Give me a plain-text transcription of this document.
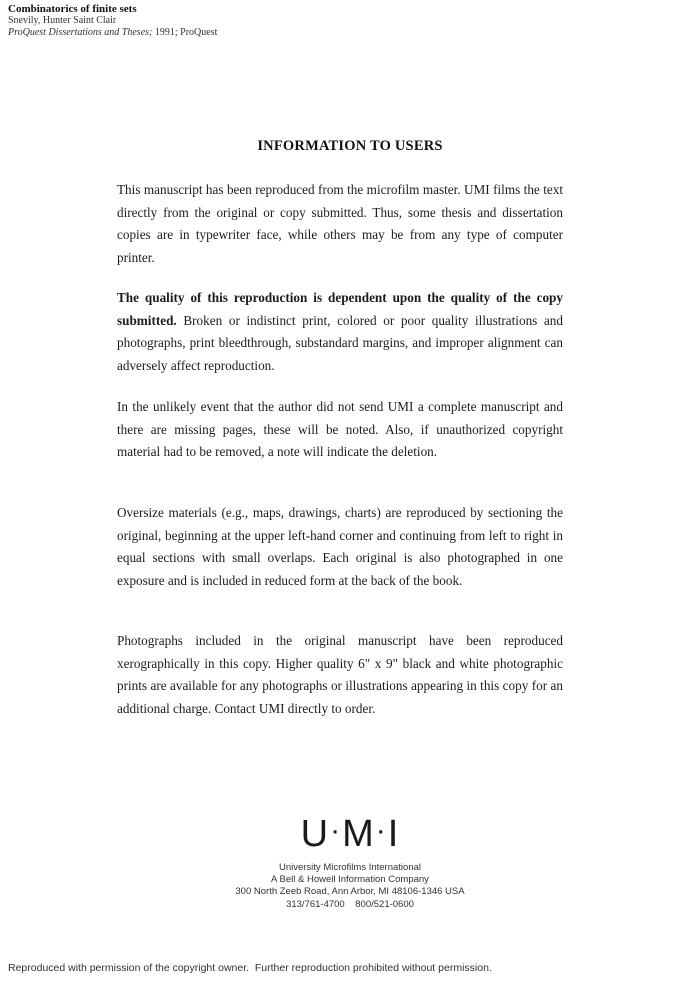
Combinatorics of finite sets
Snevily, Hunter Saint Clair
ProQuest Dissertations and Theses; 1991; ProQuest
INFORMATION TO USERS

This manuscript has been reproduced from the microfilm master. UMI films the text directly from the original or copy submitted. Thus, some thesis and dissertation copies are in typewriter face, while others may be from any type of computer printer.

The quality of this reproduction is dependent upon the quality of the copy submitted. Broken or indistinct print, colored or poor quality illustrations and photographs, print bleedthrough, substandard margins, and improper alignment can adversely affect reproduction.

In the unlikely event that the author did not send UMI a complete manuscript and there are missing pages, these will be noted. Also, if unauthorized copyright material had to be removed, a note will indicate the deletion.

Oversize materials (e.g., maps, drawings, charts) are reproduced by sectioning the original, beginning at the upper left-hand corner and continuing from left to right in equal sections with small overlaps. Each original is also photographed in one exposure and is included in reduced form at the back of the book.

Photographs included in the original manuscript have been reproduced xerographically in this copy. Higher quality 6" x 9" black and white photographic prints are available for any photographs or illustrations appearing in this copy for an additional charge. Contact UMI directly to order.

U·M·I
University Microfilms International
A Bell & Howell Information Company
300 North Zeeb Road, Ann Arbor, MI 48106-1346 USA
313/761-4700    800/521-0600
Reproduced with permission of the copyright owner.  Further reproduction prohibited without permission.
